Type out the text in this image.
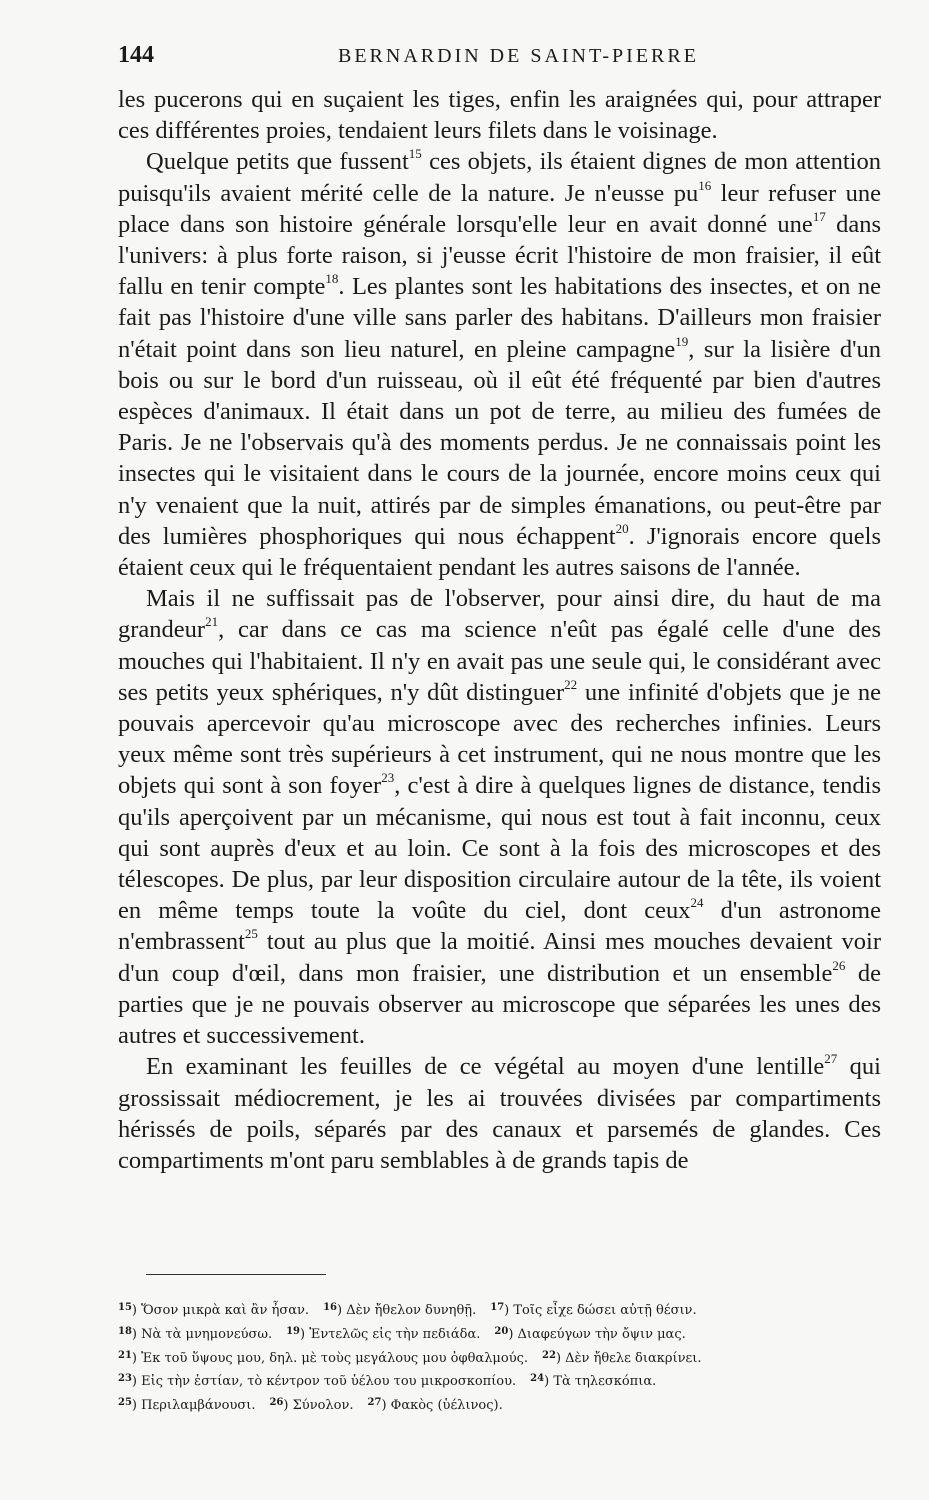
144	BERNARDIN DE SAINT-PIERRE

les pucerons qui en suçaient les tiges, enfin les araignées qui, pour attraper ces différentes proies, tendaient leurs filets dans le voisinage.

Quelque petits que fussent$^{15}$ ces objets, ils étaient dignes de mon attention puisqu'ils avaient mérité celle de la nature. Je n'eusse $pu^{16}$ leur refuser une place dans son histoire générale lorsqu'elle leur en avait donné une$^{17}$ dans l'univers: à plus forte raison, si j'eusse écrit l'histoire de mon fraisier, il eût fallu en tenir compte$^{18}$. Les plantes sont les habitations des insectes, et on ne fait pas l'histoire d'une ville sans parler des habitans. D'ailleurs mon fraisier n'était point dans son lieu naturel, en pleine campagne$^{19}$, sur la lisière d'un bois ou sur le bord d'un ruisseau, où il eût été fréquenté par bien d'autres espèces d'animaux. Il était dans un pot de terre, au milieu des fumées de Paris. Je ne l'observais qu'à des moments perdus. Je ne connaissais point les insectes qui le visitaient dans le cours de la journée, encore moins ceux qui n'y venaient que la nuit, attirés par de simples émanations, ou peut-être par des lumières phosphoriques qui nous échappent$^{20}$. J'ignorais encore quels étaient ceux qui le fréquentaient pendant les autres saisons de l'année.

Mais il ne suffissait pas de l'observer, pour ainsi dire, du haut de ma grandeur$^{21}$, car dans ce cas ma science n'eût pas égalé celle d'une des mouches qui l'habitaient. Il n'y en avait pas une seule qui, le considérant avec ses petits yeux sphériques, n'y dût distinguer$^{22}$ une infinité d'objets que je ne pouvais apercevoir qu'au microscope avec des recherches infinies. Leurs yeux même sont très supérieurs à cet instrument, qui ne nous montre que les objets qui sont à son foyer$^{23}$, c'est à dire à quelques lignes de distance, tendis qu'ils aperçoivent par un mécanisme, qui nous est tout à fait inconnu, ceux qui sont auprès d'eux et au loin. Ce sont à la fois des microscopes et des télescopes. De plus, par leur disposition circulaire autour de la tête, ils voient en même temps toute la voûte du ciel, dont ceux$^{24}$ d'un astronome n'embrassent$^{25}$ tout au plus que la moitié. Ainsi mes mouches devaient voir d'un coup d'œil, dans mon fraisier, une distribution et un ensemble$^{26}$ de parties que je ne pouvais observer au microscope que séparées les unes des autres et successivement.

En examinant les feuilles de ce végétal au moyen d'une lentille$^{27}$ qui grossissait médiocrement, je les ai trouvées divisées par compartiments hérissés de poils, séparés par des canaux et parsemés de glandes. Ces compartiments m'ont paru semblables à de grands tapis de

$^{15}$) Ὅσον μικρὰ καὶ ἂν ἦσαν. $^{16}$) Δὲν ἤθελον δυνηθῇ. $^{17}$) Τοῖς εἶχε δώσει αὐτῇ θέσιν.
$^{18}$) Νὰ τὰ μνημονεύσω. $^{19}$) Ἐντελῶς εἰς τὴν πεδιάδα. $^{20}$) Διαφεύγων τὴν ὄψιν μας.
$^{21}$) Ἐκ τοῦ ὕψους μου, δηλ. μὲ τοὺς μεγάλους μου ὀφθαλμούς. $^{22}$) Δὲν ἤθελε διακρίνει.
$^{23}$) Εἰς τὴν ἑστίαν, τὸ κέντρον τοῦ ὑέλου του μικροσκοπίου. $^{24}$) Τὰ τηλεσκόπια.
$^{25}$) Περιλαμβάνουσι. $^{26}$) Σύνολον. $^{27}$) Φακὸς (ὑέλινος).
